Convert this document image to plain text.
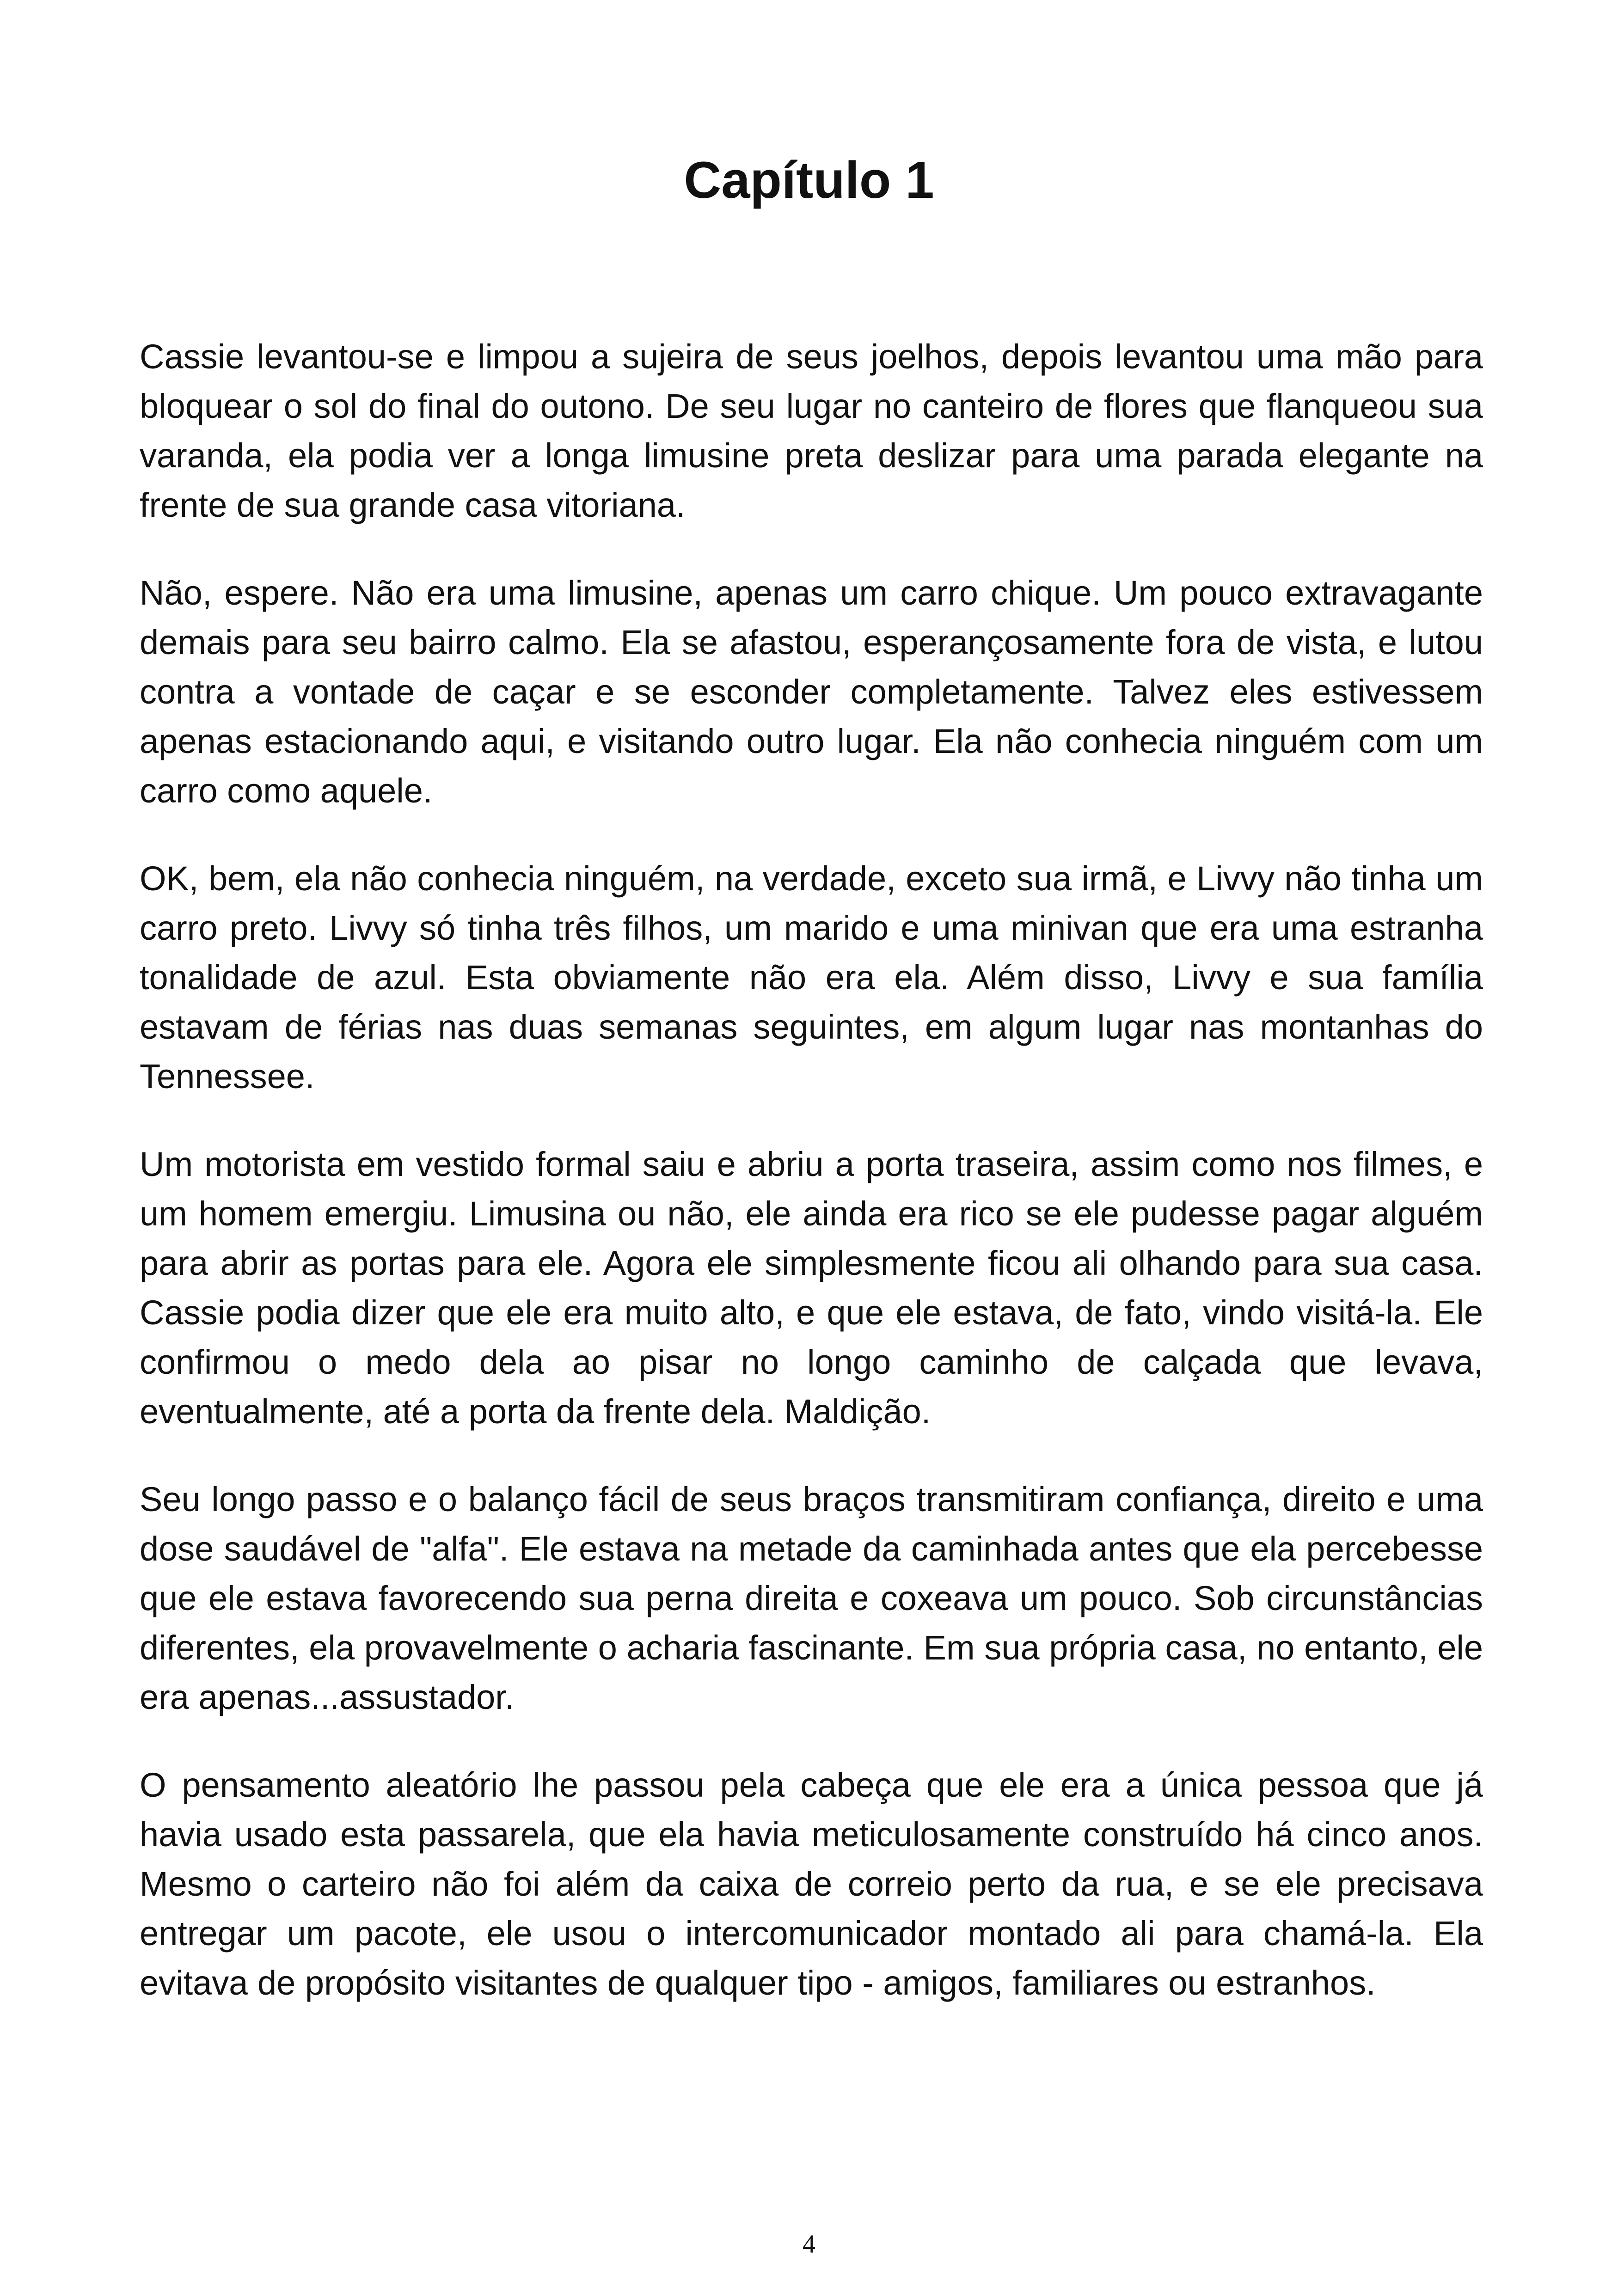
Capítulo 1

Cassie levantou-se e limpou a sujeira de seus joelhos, depois levantou uma mão para bloquear o sol do final do outono. De seu lugar no canteiro de flores que flanqueou sua varanda, ela podia ver a longa limusine preta deslizar para uma parada elegante na frente de sua grande casa vitoriana.

Não, espere. Não era uma limusine, apenas um carro chique. Um pouco extravagante demais para seu bairro calmo. Ela se afastou, esperançosamente fora de vista, e lutou contra a vontade de caçar e se esconder completamente. Talvez eles estivessem apenas estacionando aqui, e visitando outro lugar. Ela não conhecia ninguém com um carro como aquele.

OK, bem, ela não conhecia ninguém, na verdade, exceto sua irmã, e Livvy não tinha um carro preto. Livvy só tinha três filhos, um marido e uma minivan que era uma estranha tonalidade de azul. Esta obviamente não era ela. Além disso, Livvy e sua família estavam de férias nas duas semanas seguintes, em algum lugar nas montanhas do Tennessee.

Um motorista em vestido formal saiu e abriu a porta traseira, assim como nos filmes, e um homem emergiu. Limusina ou não, ele ainda era rico se ele pudesse pagar alguém para abrir as portas para ele. Agora ele simplesmente ficou ali olhando para sua casa. Cassie podia dizer que ele era muito alto, e que ele estava, de fato, vindo visitá-la. Ele confirmou o medo dela ao pisar no longo caminho de calçada que levava, eventualmente, até a porta da frente dela. Maldição.

Seu longo passo e o balanço fácil de seus braços transmitiram confiança, direito e uma dose saudável de "alfa". Ele estava na metade da caminhada antes que ela percebesse que ele estava favorecendo sua perna direita e coxeava um pouco. Sob circunstâncias diferentes, ela provavelmente o acharia fascinante. Em sua própria casa, no entanto, ele era apenas...assustador.

O pensamento aleatório lhe passou pela cabeça que ele era a única pessoa que já havia usado esta passarela, que ela havia meticulosamente construído há cinco anos. Mesmo o carteiro não foi além da caixa de correio perto da rua, e se ele precisava entregar um pacote, ele usou o intercomunicador montado ali para chamá-la. Ela evitava de propósito visitantes de qualquer tipo - amigos, familiares ou estranhos.

4
